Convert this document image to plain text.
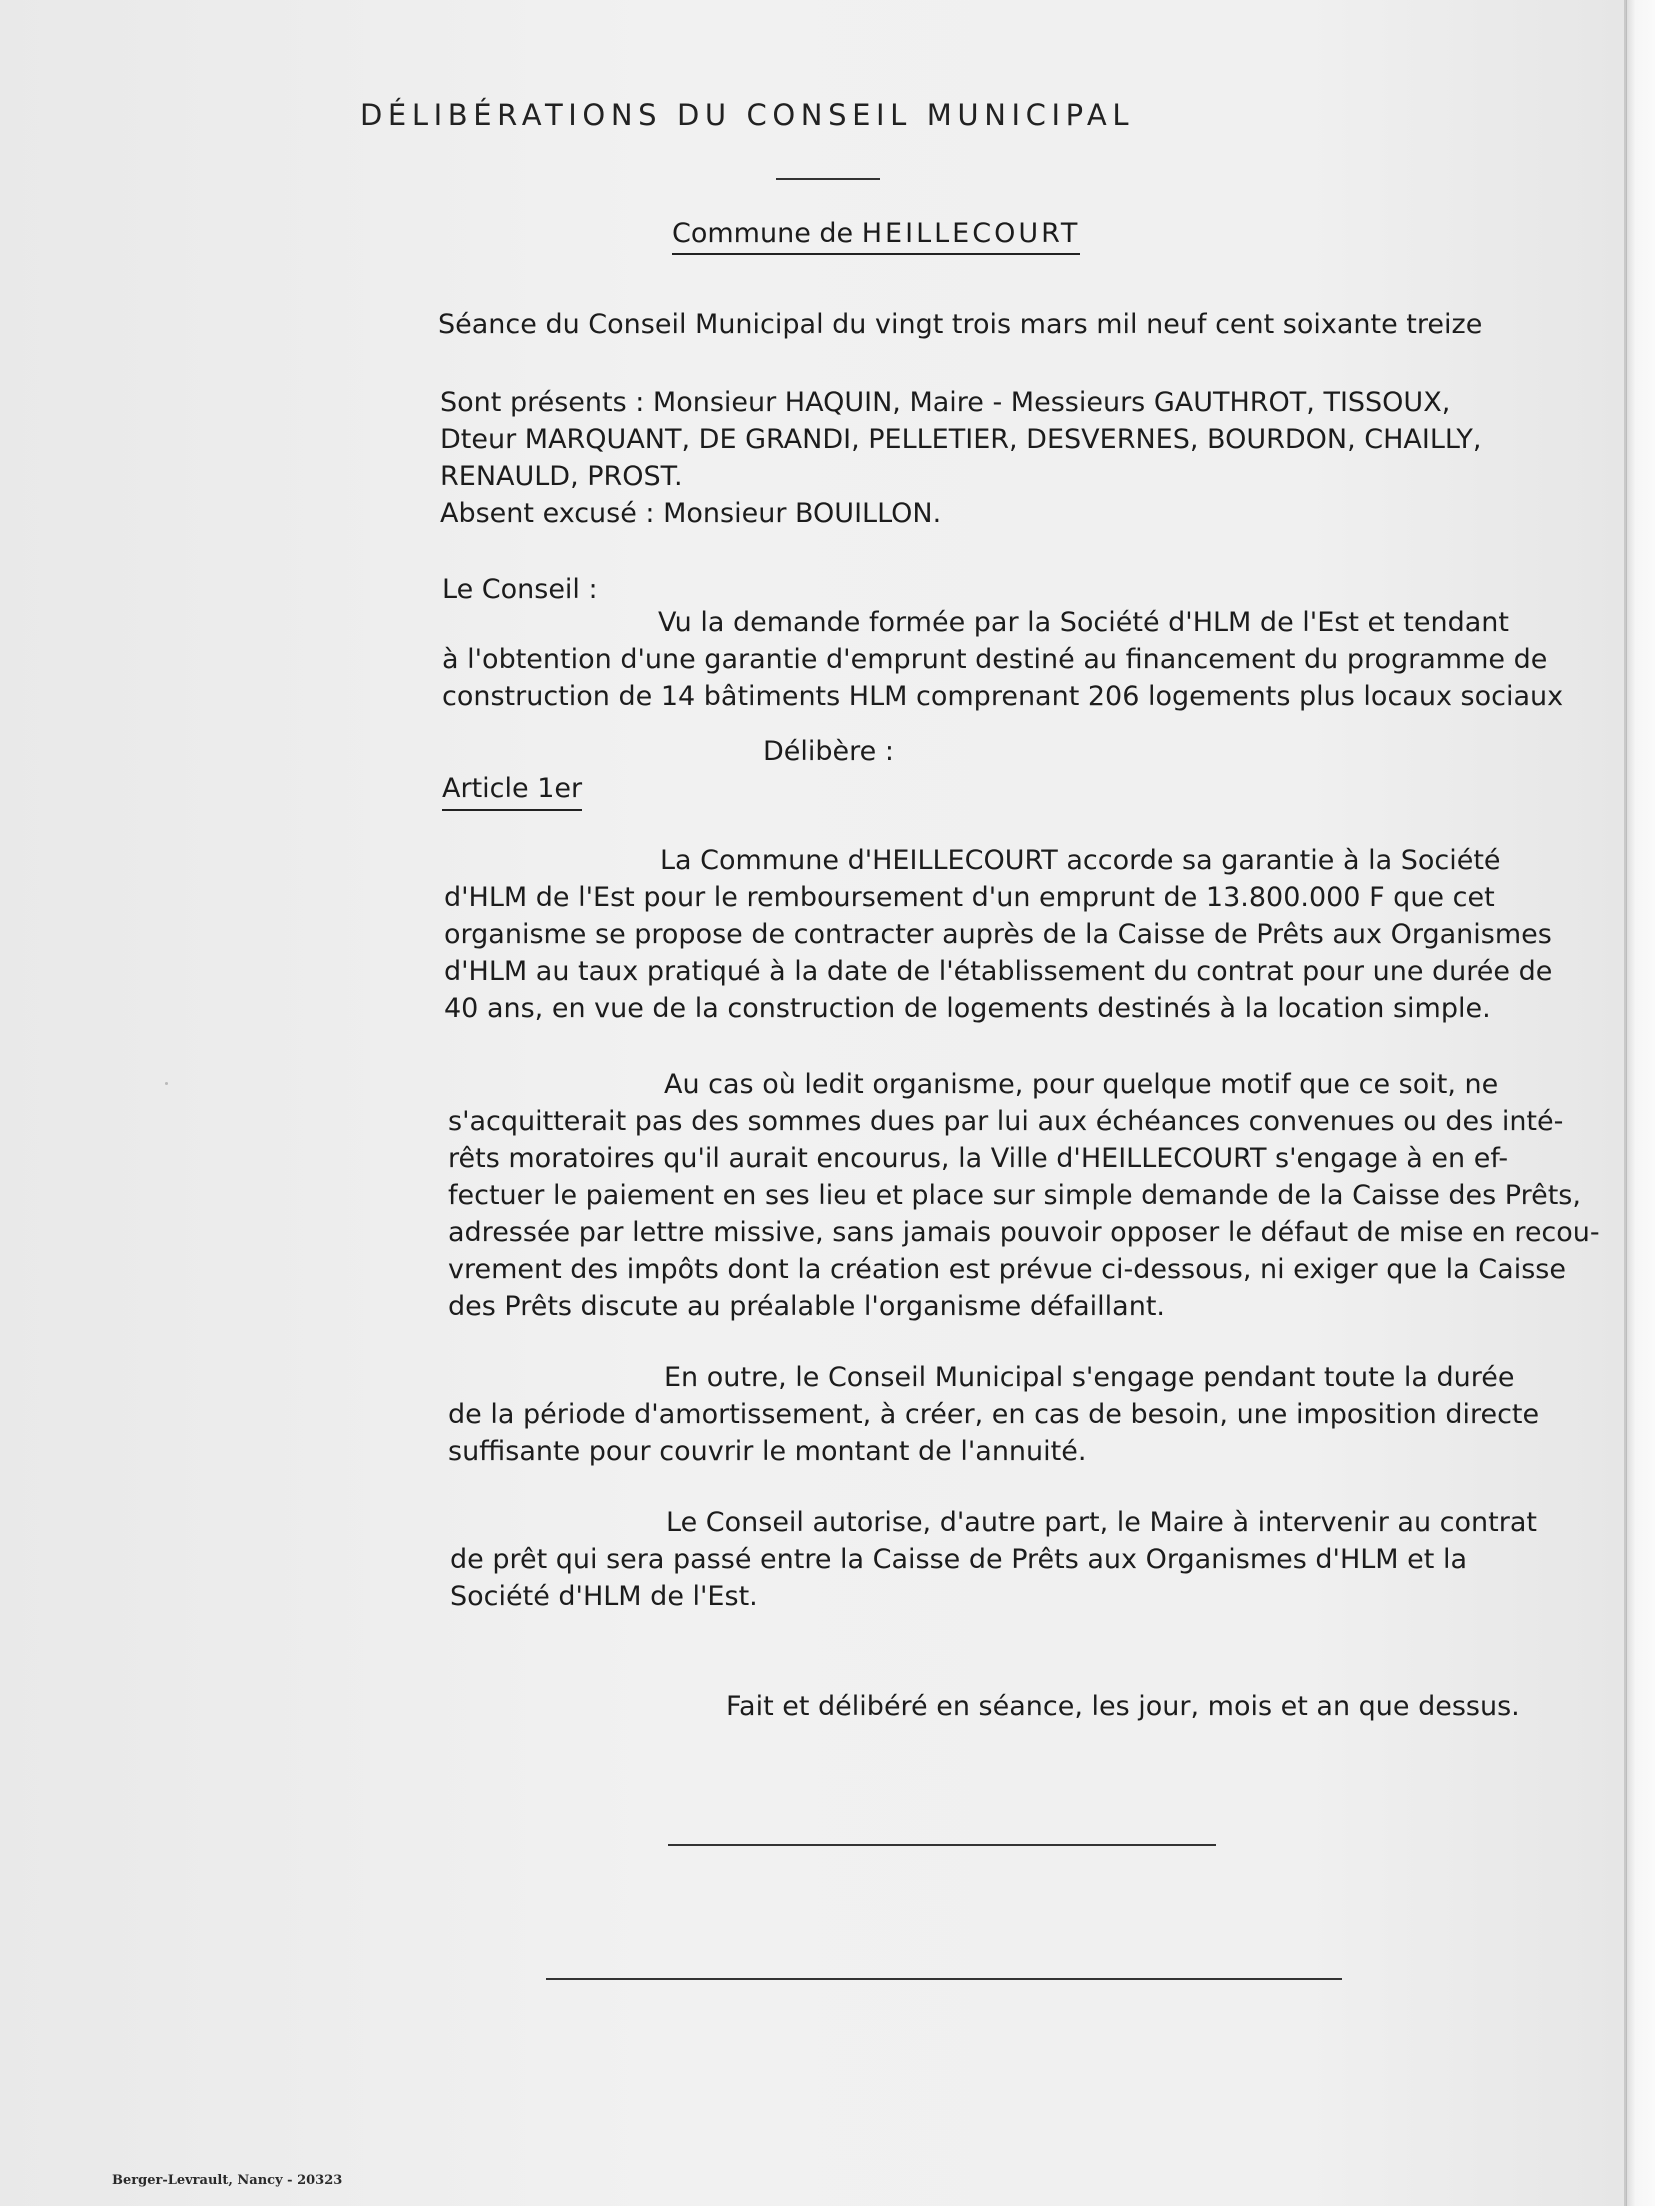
DÉLIBÉRATIONS DU CONSEIL MUNICIPAL
Commune de HEILLECOURT
Séance du Conseil Municipal du vingt trois mars mil neuf cent soixante treize
Sont présents : Monsieur HAQUIN, Maire - Messieurs GAUTHROT, TISSOUX,
Dteur MARQUANT, DE GRANDI, PELLETIER, DESVERNES, BOURDON, CHAILLY,
RENAULD, PROST.
Absent excusé : Monsieur BOUILLON.
Le Conseil :
Vu la demande formée par la Société d'HLM de l'Est et tendant
à l'obtention d'une garantie d'emprunt destiné au financement du programme de
construction de 14 bâtiments HLM comprenant 206 logements plus locaux sociaux
Délibère :
Article 1er
La Commune d'HEILLECOURT accorde sa garantie à la Société
d'HLM de l'Est pour le remboursement d'un emprunt de 13.800.000 F que cet
organisme se propose de contracter auprès de la Caisse de Prêts aux Organismes
d'HLM au taux pratiqué à la date de l'établissement du contrat pour une durée de
40 ans, en vue de la construction de logements destinés à la location simple.
Au cas où ledit organisme, pour quelque motif que ce soit, ne
s'acquitterait pas des sommes dues par lui aux échéances convenues ou des inté-
rêts moratoires qu'il aurait encourus, la Ville d'HEILLECOURT s'engage à en ef-
fectuer le paiement en ses lieu et place sur simple demande de la Caisse des Prêts,
adressée par lettre missive, sans jamais pouvoir opposer le défaut de mise en recou-
vrement des impôts dont la création est prévue ci-dessous, ni exiger que la Caisse
des Prêts discute au préalable l'organisme défaillant.
En outre, le Conseil Municipal s'engage pendant toute la durée
de la période d'amortissement, à créer, en cas de besoin, une imposition directe
suffisante pour couvrir le montant de l'annuité.
Le Conseil autorise, d'autre part, le Maire à intervenir au contrat
de prêt qui sera passé entre la Caisse de Prêts aux Organismes d'HLM et la
Société d'HLM de l'Est.
Fait et délibéré en séance, les jour, mois et an que dessus.
Berger-Levrault, Nancy - 20323
